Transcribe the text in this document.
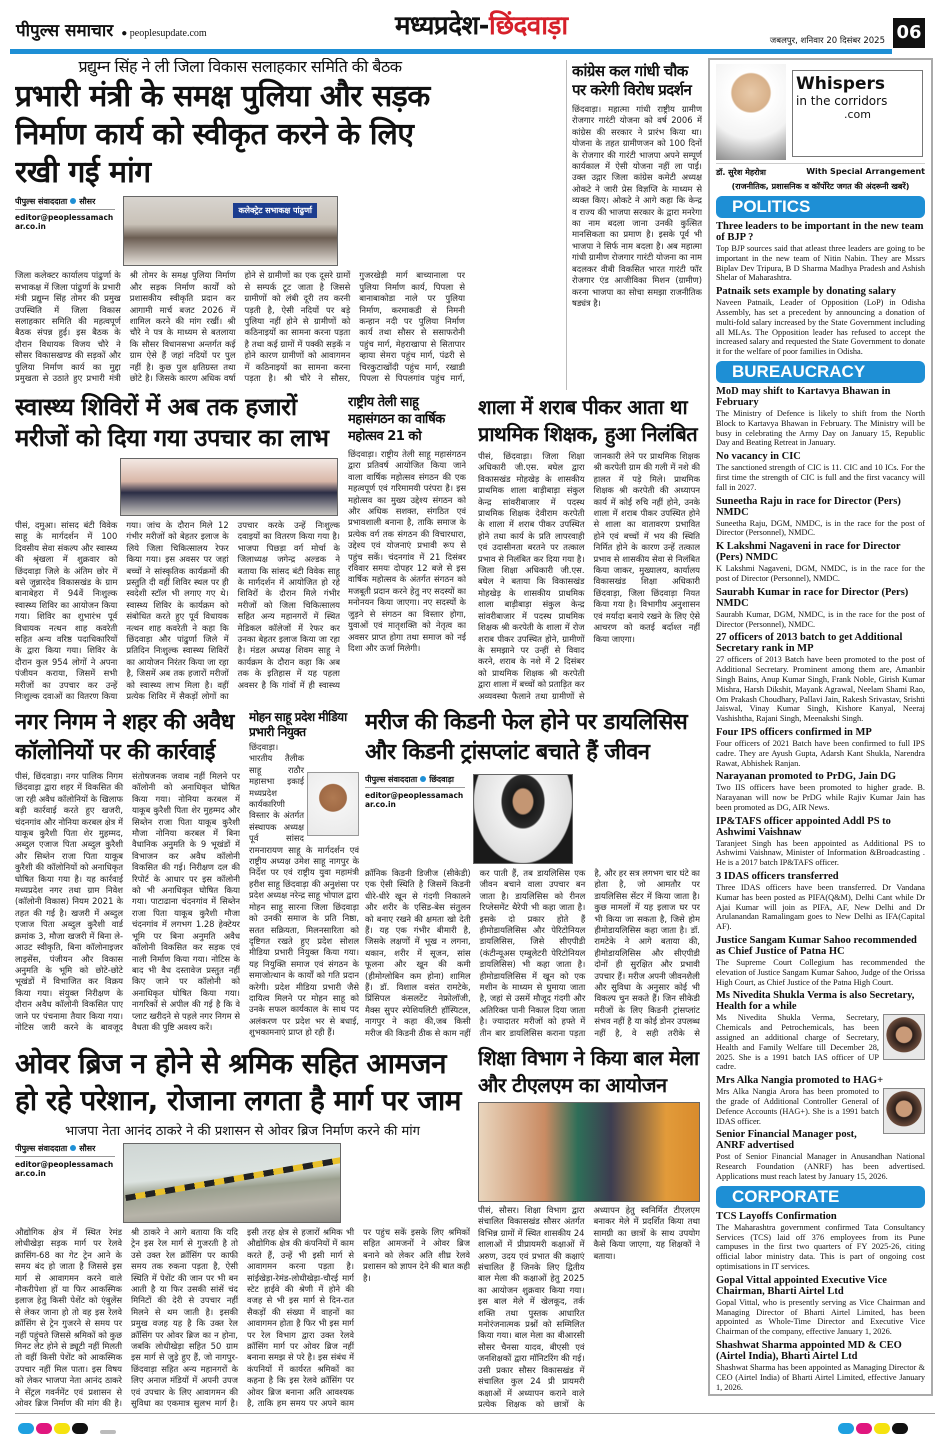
पीपुल्स समाचार ● peoplesupdate.com	मध्यप्रदेश-छिंदवाड़ा	जबलपुर, शनिवार 20 दिसंबर 2025 06
प्रद्युम्न सिंह ने ली जिला विकास सलाहकार समिति की बैठक
प्रभारी मंत्री के समक्ष पुलिया और सड़क निर्माण कार्य को स्वीकृत करने के लिए रखी गई मांग
पीपुल्स संवाददाता सौसर
editor@peoplessamachar.co.in
कलेक्ट्रेट सभाकक्ष पांढुर्णा
जिला कलेक्टर कार्यालय पांढुर्णा के सभाकक्ष में जिला पांढुर्णा के प्रभारी मंत्री प्रद्युम्न सिंह तोमर की प्रमुख उपस्थिति में जिला विकास सलाहकार समिति की महत्वपूर्ण बैठक संपन्न हुई। इस बैठक के दौरान विधायक विजय चौरे ने सौसर विकासखण्ड की सड़कों और पुलिया निर्माण कार्य का मुद्दा प्रमुखता से उठाते हुए प्रभारी मंत्री श्री तोमर के समक्ष पुलिया निर्माण और सड़क निर्माण कार्यों को प्रशासकीय स्वीकृति प्रदान कर आगामी मार्च बजट 2026 में शामिल करने की मांग रखीं। श्री चौरे ने पत्र के माध्यम से बतलाया कि सौसर विधानसभा अन्तर्गत कई ग्राम ऐसे हैं जहां नदियों पर पुल नहीं है। कुछ पुल क्षतिग्रस्त तथा छोटे है। जिसके कारण अधिक वर्षा होने से ग्रामीणों का एक दूसरे ग्रामों से सम्पर्क टूट जाता है जिससे ग्रामीणों को लंबी दूरी तय करनी पड़ती है, ऐसी नदियों पर बड़े पुलिया नहीं होने से ग्रामीणों को कठिनाइयों का सामना करना पड़ता है तथा कई ग्रामों में पक्की सड़कें न होने कारण ग्रामीणों को आवागमन में कठिनाइयों का सामना करना पड़ता है। श्री चौरे ने सौसर, गुजरखेड़ी मार्ग बाच्यानाला पर पुलिया निर्माण कार्य, पिपला से बानाबाकोडा नाले पर पुलिया निर्माण, करमाकडी से निमनी कन्हान नदी पर पुलिया निर्माण कार्य तथा सौसर से ससाफरोनी पहुंच मार्ग, मेहराखापा से सितापार व्हाया सेमरा पहुंच मार्ग, पंढरी से चिरकुटाखोंदी पहुंच मार्ग, रखाडी पिपला से पिपलगांव पहुंच मार्ग,
कांग्रेस कल गांधी चौक पर करेगी विरोध प्रदर्शन
छिंदवाड़ा। महात्मा गांधी राष्ट्रीय ग्रामीण रोजगार गारंटी योजना को वर्ष 2006 में कांग्रेस की सरकार ने प्रारंभ किया था। योजना के तहत ग्रामीणजन को 100 दिनों के रोजगार की गारंटी भाजपा अपने सम्पूर्ण कार्यकाल में ऐसी योजना नहीं ला पाई। उक्त उद्गार जिला कांग्रेस कमेटी अध्यक्ष ओकटे ने जारी प्रेस विज्ञप्ति के माध्यम से व्यक्त किए। ओकटे ने आगे कहा कि केन्द्र व राज्य की भाजपा सरकार के द्वारा मनरेगा का नाम बदला जाना उनकी कुत्सित मानसिकता का प्रमाण है। इसके पूर्व भी भाजपा ने सिर्फ नाम बदला है। अब महात्मा गांधी ग्रामीण रोजगार गारंटी योजना का नाम बदलकर वीबी विकसित भारत गारंटी फॉर रोजगार एंड आजीविका मिशन (ग्रामीण) करना भाजपा का सोचा समझा राजनीतिक षड्यंत्र है।
Whispers
in the corridors
.com
डॉ. सुरेश मेहरोत्रा	With Special Arrangement
(राजनीतिक, प्रशासनिक व कॉर्पोरेट जगत की अंदरूनी खबरें)
POLITICS
Three leaders to be important in the new team of BJP ?

Top BJP sources said that atleast three leaders are going to be important in the new team of Nitin Nabin. They are Mssrs Biplav Dev Tripura, B D Sharma Madhya Pradesh and Ashish Shelar of Maharashtra.

Patnaik sets example by donating salary

Naveen Patnaik, Leader of Opposition (LoP) in Odisha Assembly, has set a precedent by announcing a donation of multi-fold salary increased by the State Government including all MLAs. The Opposition leader has refused to accept the increased salary and requested the State Government to donate it for the welfare of poor families in Odisha.

BUREAUCRACY
MoD may shift to Kartavya Bhawan in February

The Ministry of Defence is likely to shift from the North Block to Kartavya Bhawan in February. The Ministry will be busy in celebrating the Army Day on January 15, Republic Day and Beating Retreat in January.

No vacancy in CIC

The sanctioned strength of CIC is 11. CIC and 10 ICs. For the first time the strength of CIC is full and the first vacancy will fall in 2027.

Suneetha Raju in race for Director (Pers) NMDC

Suneetha Raju, DGM, NMDC, is in the race for the post of Director (Personnel), NMDC.

K Lakshmi Nagaveni in race for Director (Pers) NMDC

K Lakshmi Nagaveni, DGM, NMDC, is in the race for the post of Director (Personnel), NMDC.

Saurabh Kumar in race for Director (Pers) NMDC

Saurabh Kumar, DGM, NMDC, is in the race for the post of Director (Personnel), NMDC.

27 officers of 2013 batch to get Additional Secretary rank in MP

27 officers of 2013 Batch have been promoted to the post of Additional Secretary. Prominent among them are, Amanbir Singh Bains, Anup Kumar Singh, Frank Noble, Girish Kumar Mishra, Harsh Dikshit, Mayank Agrawal, Neelam Shami Rao, Om Prakash Choudhary, Pallavi Jain, Rakesh Srivastav, Srishti Jaiswal, Vinay Kumar Singh, Kishore Kanyal, Neeraj Vashishtha, Rajani Singh, Meenakshi Singh.

Four IPS officers confirmed in MP

Four officers of 2021 Batch have been confirmed to full IPS cadre. They are Ayush Gupta, Adarsh Kant Shukla, Narendra Rawat, Abhishek Ranjan.

Narayanan promoted to PrDG, Jain DG

Two IIS officers have been promoted to higher grade. B. Narayanan will now be PrDG while Rajiv Kumar Jain has been promoted as DG, AIR News.

IP&TAFS officer appointed Addl PS to Ashwimi Vaishnaw

Taranjeet Singh has been appointed as Additional PS to Ashwimi Vaishnaw, Minister of Information &Broadcasting . He is a 2017 batch IP&TAFS officer.

3 IDAS officers transferred

Three IDAS officers have been transferred. Dr Vandana Kumar has been posted as PIFA(Q&M), Delhi Cant while Dr Ajai Kumar will join as PIFA, AF, New Delhi and Dr Arulanandan Ramalingam goes to New Delhi as IFA(Capital AF).

Justice Sangam Kumar Sahoo recommended as Chief Justice of Patna HC

The Supreme Court Collegium has recommended the elevation of Justice Sangam Kumar Sahoo, Judge of the Orissa High Court, as Chief Justice of the Patna High Court.

Ms Nivedita Shukla Verma is also Secretary, Health for a while

Ms Nivedita Shukla Verma, Secretary, Chemicals and Petrochemicals, has been assigned an additional charge of Secretary, Health and Family Welfare till December 28, 2025. She is a 1991 batch IAS officer of UP cadre.

Mrs Alka Nangia promoted to HAG+

Mrs Alka Nangia Arora has been promoted to the grade of Additional Controller General of Defence Accounts (HAG+). She is a 1991 batch IDAS officer.

Senior Financial Manager post, ANRF advertised

Post of Senior Financial Manager in Anusandhan National Research Foundation (ANRF) has been advertised. Applications must reach latest by January 15, 2026.

CORPORATE
TCS Layoffs Confirmation

The Maharashtra government confirmed Tata Consultancy Services (TCS) laid off 376 employees from its Pune campuses in the first two quarters of FY 2025-26, citing official labor ministry data. This is part of ongoing cost optimisations in IT services.

Gopal Vittal appointed Executive Vice Chairman, Bharti Airtel Ltd

Gopal Vittal, who is presently serving as Vice Chairman and Managing Director of Bharti Airtel Limited, has been appointed as Whole-Time Director and Executive Vice Chairman of the company, effective January 1, 2026.

Shashwat Sharma appointed MD & CEO (Airtel India), Bharti Airtel Ltd

Shashwat Sharma has been appointed as Managing Director & CEO (Airtel India) of Bharti Airtel Limited, effective January 1, 2026.

स्वास्थ्य शिविरों में अब तक हजारों मरीजों को दिया गया उपचार का लाभ
पीसं, दमुआ। सांसद बंटी विवेक साहू के मार्गदर्शन में 100 दिवसीय सेवा संकल्प और स्वास्थ्य की श्रृंखला में शुक्रवार को छिंदवाड़ा जिले के अंतिम छोर में बसे जुन्नारदेव विकासखंड के ग्राम बानाबेहरा में 94वें निःशुल्क स्वास्थ्य शिविर का आयोजन किया गया। शिविर का शुभारंभ पूर्व विधायक नत्थन शाह कवरेती सहित अन्य वरिष्ठ पदाधिकारियों के द्वारा किया गया। शिविर के दौरान कुल 954 लोगों ने अपना पंजीयन कराया, जिसमें सभी मरीजों का उपचार कर उन्हें निःशुल्क दवाओं का वितरण किया गया। जांच के दौरान मिले 12 गंभीर मरीजों को बेहतर इलाज के लिये जिला चिकित्सालय रेफर किया गया। इस अवसर पर जहां बच्चों ने सांस्कृतिक कार्यक्रमों की प्रस्तुति दी वहीं शिविर स्थल पर ही स्वदेशी स्टॉल भी लगाए गए थे। स्वास्थ्य शिविर के कार्यक्रम को संबोधित करते हुए पूर्व विधायक नत्थन शाह कवरेती ने कहा कि छिंदवाड़ा और पांढुर्णा जिले में प्रतिदिन निःशुल्क स्वास्थ्य शिविरों का आयोजन निरंतर किया जा रहा है, जिसमें अब तक हजारों मरीजों को स्वास्थ्य लाभ मिला है। वहीं प्रत्येक शिविर में सैकड़ों लोगों का उपचार करके उन्हें निःशुल्क दवाइयों का वितरण किया गया है। भाजपा पिछड़ा वर्ग मोर्चा के जिलाध्यक्ष जगेन्द्र अल्डक ने बताया कि सांसद बंटी विवेक साहू के मार्गदर्शन में आयोजित हो रहे शिविरों के दौरान मिले गंभीर मरीजों को जिला चिकित्सालय सहित अन्य महानगरों में स्थित मेडिकल कॉलेजों में रेफर कर उनका बेहतर इलाज किया जा रहा है। मंडल अध्यक्ष शिवम साहू ने कार्यक्रम के दौरान कहा कि अब तक के इतिहास में यह पहला अवसर है कि गांवों में ही स्वास्थ्य
राष्ट्रीय तेली साहू महासंगठन का वार्षिक महोत्सव 21 को
छिंदवाड़ा। राष्ट्रीय तेली साहू महासंगठन द्वारा प्रतिवर्ष आयोजित किया जाने वाला वार्षिक महोत्सव संगठन की एक महत्वपूर्ण एवं गरिमामयी परंपरा है। इस महोत्सव का मुख्य उद्देश्य संगठन को और अधिक सशक्त, संगठित एवं प्रभावशाली बनाना है, ताकि समाज के प्रत्येक वर्ग तक संगठन की विचारधारा, उद्देश्य एवं योजनाएं प्रभावी रूप से पहुंच सकें। चंदनगांव में 21 दिसंबर रविवार समयः दोपहर 12 बजे से इस वार्षिक महोत्सव के अंतर्गत संगठन को मजबूती प्रदान करने हेतु नए सदस्यों का मनोनयन किया जाएगा। नए सदस्यों के जुड़ने से संगठन का विस्तार होगा, युवाओं एवं मातृशक्ति को नेतृत्व का अवसर प्राप्त होगा तथा समाज को नई दिशा और ऊर्जा मिलेगी।
शाला में शराब पीकर आता था प्राथमिक शिक्षक, हुआ निलंबित
पीसं, छिंदवाड़ा। जिला शिक्षा अधिकारी जी.एस. बघेल द्वारा विकासखंड मोहखेड़ के शासकीय प्राथमिक शाला बाड़ीबाड़ा संकुल केन्द्र सांवरीबाजार में पदस्थ प्राथमिक शिक्षक देवीराम करपेती के शाला में शराब पीकर उपस्थित होने तथा कार्य के प्रति लापरवाही एवं उदासीनता बरतने पर तत्काल प्रभाव से निलंबित कर दिया गया है। जिला शिक्षा अधिकारी जी.एस. बघेल ने बताया कि विकासखंड मोहखेड़ के शासकीय प्राथमिक शाला बाड़ीबाड़ा संकुल केन्द्र सांवरीबाजार में पदस्थ प्राथमिक शिक्षक श्री करपेती के शाला में रोज शराब पीकर उपस्थित होने, ग्रामीणों के समझाने पर उन्हीं से विवाद करने, शराब के नशे में 2 दिसंबर को प्राथमिक शिक्षक श्री करपेती द्वारा शाला में बच्चों को प्रताड़ित कर अव्यवस्था फैलाने तथा ग्रामीणों से जानकारी लेने पर प्राथमिक शिक्षक श्री करपेती ग्राम की गली में नशे की हालत में पड़े मिले। प्राथमिक शिक्षक श्री करपेती की अध्यापन कार्य में कोई रुचि नहीं होने, उनके शाला में शराब पीकर उपस्थित होने से शाला का वातावरण प्रभावित होने एवं बच्चों में भय की स्थिति निर्मित होने के कारण उन्हें तत्काल प्रभाव से शासकीय सेवा से निलंबित किया जाकर, मुख्यालय, कार्यालय विकासखंड शिक्षा अधिकारी छिंदवाड़ा, जिला छिंदवाड़ा नियत किया गया है। विभागीय अनुशासन एवं मर्यादा बनाये रखने के लिए ऐसे आचरण को कतई बर्दाश्त नहीं किया जाएगा।
नगर निगम ने शहर की अवैध कॉलोनियों पर की कार्रवाई
पीसं, छिंदवाड़ा। नगर पालिक निगम छिंदवाड़ा द्वारा शहर में विकसित की जा रही अवैध कॉलोनियों के खिलाफ बड़ी कार्रवाई करते हुए खजरी, चंदनगांव और नोनिया करबल क्षेत्र में याकूब कुरैशी पिता शेर मुहम्मद, अब्दुल एजाज पिता अब्दुल कुरैशी और सिब्तेन राजा पिता याकूब कुरैशी की कॉलोनियों को अनाधिकृत घोषित किया गया है। यह कार्रवाई मध्यप्रदेश नगर तथा ग्राम निवेश (कॉलोनी विकास) नियम 2021 के तहत की गई है। खजरी में अब्दुल एजाज पिता अब्दुल कुरैशी वार्ड क्रमांक 3, मौजा खजरी में बिना ले-आउट स्वीकृति, बिना कॉलोनाइजर लाइसेंस, पंजीयन और विकास अनुमति के भूमि को छोटे-छोटे भूखंडों में विभाजित कर विक्रय किया गया। संयुक्त निरीक्षण के दौरान अवैध कॉलोनी विकसित पाए जाने पर पंचनामा तैयार किया गया। नोटिस जारी करने के बावजूद संतोषजनक जवाब नहीं मिलने पर कॉलोनी को अनाधिकृत घोषित किया गया। नोनिया करबल में याकूब कुरैशी पिता शेर मुहम्मद और सिब्तेन राजा पिता याकूब कुरैशी मौजा नोनिया करबल में बिना वैधानिक अनुमति के 9 भूखंडों में विभाजन कर अवैध कॉलोनी विकसित की गई। निरीक्षण दल की रिपोर्ट के आधार पर इस कॉलोनी को भी अनाधिकृत घोषित किया गया। पाटाढाना चंदनगांव में सिब्तेन राजा पिता याकूब कुरैशी मौजा चंदनगांव में लगभग 1.28 हेक्टेयर भूमि पर बिना अनुमति अवैध कॉलोनी विकसित कर सड़क एवं नाली निर्माण किया गया। नोटिस के बाद भी वैध दस्तावेज प्रस्तुत नहीं किए जाने पर कॉलोनी को अनाधिकृत घोषित किया गया। नागरिकों से अपील की गई है कि वे प्लाट खरीदने से पहले नगर निगम से वैधता की पुष्टि अवश्य करें।
मोहन साहू प्रदेश मीडिया प्रभारी नियुक्त
छिंदवाड़ा। भारतीय तैलीक साहू राठौर महासभा इकाई मध्यप्रदेश कार्यकारिणी विस्तार के अंतर्गत संस्थापक अध्यक्ष पूर्व सांसद रामनारायण साहू के मार्गदर्शन एवं राष्ट्रीय अध्यक्ष उमेश साहू नागपुर के निर्देश पर एवं राष्ट्रीय युवा महामंत्री हरीश साहू छिंदवाड़ा की अनुशंसा पर प्रदेश अध्यक्ष नरेन्द्र साहू भोपाल द्वारा मोहन साहू सारना जिला छिंदवाड़ा को उनकी समाज के प्रति निष्ठा, सतत सक्रियता, मिलनसारिता को दृष्टिगत रखते हुए प्रदेश सोशल मीडिया प्रभारी नियुक्त किया गया। यह नियुक्ति समाज एवं संगठन के समाजोत्थान के कार्यों को गति प्रदान करेगी। प्रदेश मीडिया प्रभारी जैसे दायित्व मिलने पर मोहन साहू को उनके सफल कार्यकाल के साथ पद अलंकरण पर प्रदेश भर से बधाई, शुभकामनाएं प्राप्त हो रही हैं।
मरीज की किडनी फेल होने पर डायलिसिस और किडनी ट्रांसप्लांट बचाते हैं जीवन
पीपुल्स संवाददाता छिंदवाड़ा
editor@peoplessamachar.co.in
क्रॉनिक किडनी डिजीज (सीकेडी) एक ऐसी स्थिति है जिसमें किडनी धीरे-धीरे खून से गंदगी निकालने और शरीर के एसिड-बेस संतुलन को बनाए रखने की क्षमता खो देती हैं। यह एक गंभीर बीमारी है, जिसके लक्षणों में भूख न लगना, थकान, शरीर में सूजन, सांस फूलना और खून की कमी (हीमोग्लोबिन कम होना) शामिल हैं। डॉ. विशाल वसंत रामटेके, प्रिंसिपल कंसलटेंट नेफ्रोलॉजी, मैक्स सुपर स्पेशियलिटी हॉस्पिटल, नागपुर ने कहा की,जब किसी मरीज की किडनी ठीक से काम नहीं कर पाती हैं, तब डायलिसिस एक जीवन बचाने वाला उपचार बन जाता है। डायलिसिस को रीनल रिप्लेसमेंट थैरेपी भी कहा जाता है। इसके दो प्रकार होते हैं हीमोडायलिसिस और पेरिटोनियल डायलिसिस, जिसे सीएपीडी (कंटीन्यूअस एम्बुलेटरी पेरिटोनियल डायलिसिस) भी कहा जाता है। हीमोडायलिसिस में खून को एक मशीन के माध्यम से घुमाया जाता है, जहां से उसमें मौजूद गंदगी और अतिरिक्त पानी निकाल दिया जाता है। ज्यादातर मरीजों को हफ्ते में तीन बार डायलिसिस कराना पड़ता है, और हर सत्र लगभग चार घंटे का होता है, जो आमतौर पर डायलिसिस सेंटर में किया जाता है। कुछ मामलों में यह इलाज घर पर भी किया जा सकता है, जिसे होम हीमोडायलिसिस कहा जाता है। डॉ. रामटेके ने आगे बताया की, हीमोडायलिसिस और सीएपीडी दोनों ही सुरक्षित और प्रभावी उपचार हैं। मरीज अपनी जीवनशैली और सुविधा के अनुसार कोई भी विकल्प चुन सकते हैं। जिन सीकेडी मरीजों के लिए किडनी ट्रांसप्लांट संभव नहीं है या कोई डोनर उपलब्ध नहीं है, वे सही तरीके से
ओवर ब्रिज न होने से श्रमिक सहित आमजन हो रहे परेशान, रोजाना लगता है मार्ग पर जाम
भाजपा नेता आनंद ठाकरे ने की प्रशासन से ओवर ब्रिज निर्माण करने की मांग
पीपुल्स संवाददाता सौसर
editor@peoplessamachar.co.in
औद्योगिक क्षेत्र में स्थित रेमंड लोधीखेड़ा सड़क मार्ग पर रेलवे क्रासिंग-68 का गेट ट्रेन आने के समय बंद हो जाता है जिससे इस मार्ग से आवागमन करने वाले नौकरीपेशा हों या फिर आकस्मिक इलाज हेतु किसी पेशेंट को एंबुलेंस से लेकर जाना हो तो वह इस रेलवे क्रॉसिंग से ट्रेन गुजरने से समय पर नहीं पहुंचते जिससे श्रमिकों को कुछ मिनट लेट होने से ड्यूटी नहीं मिलती तो वहीं किसी पेशेंट को आकस्मिक उपचार नहीं मिल पाता। इस विषय को लेकर भाजपा नेता आनंद ठाकरे ने सेंट्रल गवर्नमेंट एवं प्रशासन से ओवर ब्रिज निर्माण की मांग की है। श्री ठाकरे ने आगे बताया कि यदि ट्रेन इस रेल मार्ग से गुजरती है तो उसे उक्त रेल क्रॉसिंग पर काफी समय तक रुकना पड़ता है, ऐसी स्थिति में पेशेंट की जान पर भी बन आती है या फिर उसकी सांसें चंद मिनिटों की देरी से उपचार नहीं मिलने से थम जाती है। इसकी प्रमुख वजह यह है कि उक्त रेल क्रॉसिंग पर ओवर ब्रिज का न होना, जबकि लोधीखेड़ा सहित 50 ग्राम इस मार्ग से जुड़े हुए हैं, जो नागपुर- छिंदवाड़ा सहित अन्य महानगरों के लिए अनाज मंडियों में अपनी उपज एवं उपचार के लिए आवागमन की सुविधा का एकमात्र सुलभ मार्ग है। इसी तरह क्षेत्र से हजारों श्रमिक भी औद्योगिक क्षेत्र की कंपनियों में काम करते हैं, उन्हें भी इसी मार्ग से आवागमन करना पड़ता है। सांईखेड़ा-रेमंड-लोधीखेड़ा-चौरई मार्ग स्टेट हाईवे की श्रेणी में होने की वजह से भी इस मार्ग से दिन-रात सैकड़ों की संख्या में वाहनों का आवागमन होता है फिर भी इस मार्ग पर रेल विभाग द्वारा उक्त रेलवे क्रॉसिंग मार्ग पर ओवर ब्रिज नहीं बनाना समझ से परे है। इस संबंध में कंपनियों में कार्यरत श्रमिकों का कहना है कि इस रेलवे क्रॉसिंग पर ओवर ब्रिज बनाना अति आवश्यक है, ताकि हम समय पर अपने काम पर पहुंच सकें इसके लिए श्रमिकों सहित आमजनों ने ओवर ब्रिज बनाने को लेकर अति शीघ्र रेलवे प्रशासन को ज्ञापन देने की बात कही है।
शिक्षा विभाग ने किया बाल मेला और टीएलएम का आयोजन
पीसं, सौसर। शिक्षा विभाग द्वारा संचालित विकासखंड सौसर अंतर्गत विभिन्न ग्रामों में स्थित शासकीय 24 शालाओं में प्रीप्रायमरी कक्षाओं में अरुण, उदय एवं प्रभात की कक्षाएं संचालित हैं जिनके लिए द्वितीय बाल मेला की कक्षाओं हेतु 2025 का आयोजन शुक्रवार किया गया। इस बाल मेले में खेलकूद, तर्क शक्ति तथा पुस्तक आधारित मनोरंजनात्मक प्रश्नों को सम्मिलित किया गया। बाल मेला का बीआरसी सौसर चैनसा यादव, बीएसी एवं जनशिक्षकों द्वारा मॉनिटरिंग की गई। उसी प्रकार सौसर विकासखंड में संचालित कुल 24 प्री प्रायमरी कक्षाओं में अध्यापन कराने वाले प्रत्येक शिक्षक को छात्रों के अध्यापन हेतु स्वनिर्मित टीएलएम बनाकर मेले में प्रदर्शित किया तथा सामग्री का छात्रों के साथ उपयोग कैसे किया जाएगा, यह शिक्षकों ने बताया।
